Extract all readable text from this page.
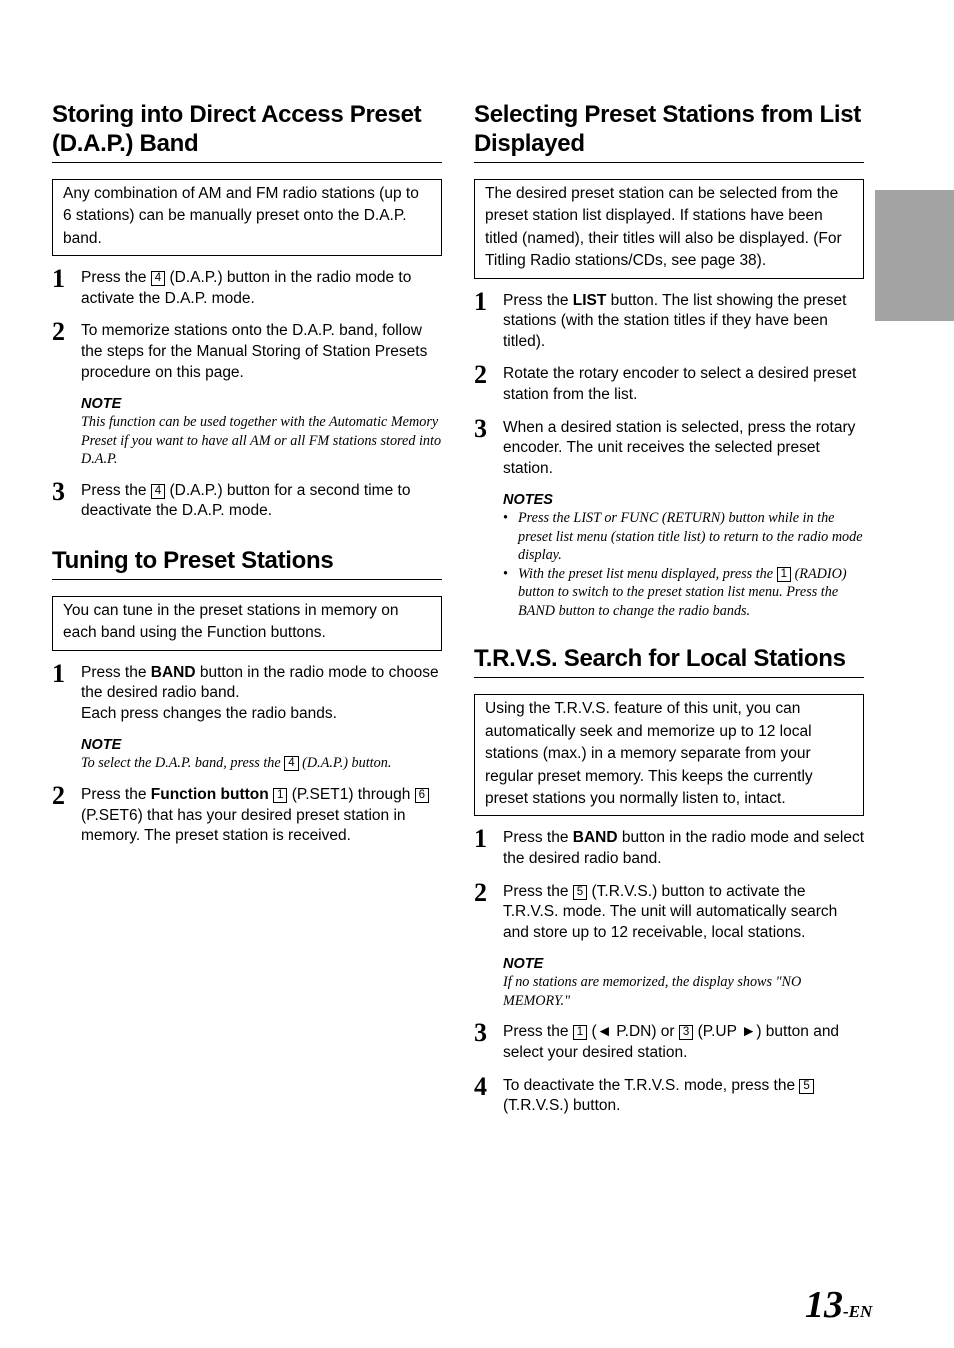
Storing into Direct Access Preset (D.A.P.) Band
Any combination of AM and FM radio stations (up to 6 stations) can be manually preset onto the D.A.P. band.
1	Press the 4 (D.A.P.) button in the radio mode to activate the D.A.P. mode.
2	To memorize stations onto the D.A.P. band, follow the steps for the Manual Storing of Station Presets procedure on this page.
NOTE
This function can be used together with the Automatic Memory Preset if you want to have all AM or all FM stations stored into D.A.P.
3	Press the 4 (D.A.P.) button for a second time to deactivate the D.A.P. mode.
Tuning to Preset Stations
You can tune in the preset stations in memory on each band using the Function buttons.
1	Press the BAND button in the radio mode to choose the desired radio band.
Each press changes the radio bands.
NOTE
To select the D.A.P. band, press the 4 (D.A.P.) button.
2	Press the Function button 1 (P.SET1) through 6 (P.SET6) that has your desired preset station in memory. The preset station is received.
Selecting Preset Stations from List Displayed
The desired preset station can be selected from the preset station list displayed. If stations have been titled (named), their titles will also be displayed. (For Titling Radio stations/CDs, see page 38).
1	Press the LIST button. The list showing the preset stations (with the station titles if they have been titled).
2	Rotate the rotary encoder to select a desired preset station from the list.
3	When a desired station is selected, press the rotary encoder. The unit receives the selected preset station.
NOTES
• Press the LIST or FUNC (RETURN) button while in the preset list menu (station title list) to return to the radio mode display.
• With the preset list menu displayed, press the 1 (RADIO) button to switch to the preset station list menu. Press the BAND button to change the radio bands.
T.R.V.S. Search for Local Stations
Using the T.R.V.S. feature of this unit, you can automatically seek and memorize up to 12 local stations (max.) in a memory separate from your regular preset memory. This keeps the currently preset stations you normally listen to, intact.
1	Press the BAND button in the radio mode and select the desired radio band.
2	Press the 5 (T.R.V.S.) button to activate the T.R.V.S. mode. The unit will automatically search and store up to 12 receivable, local stations.
NOTE
If no stations are memorized, the display shows "NO MEMORY."
3	Press the 1 (◄ P.DN) or 3 (P.UP ►) button and select your desired station.
4	To deactivate the T.R.V.S. mode, press the 5 (T.R.V.S.) button.
13-EN
